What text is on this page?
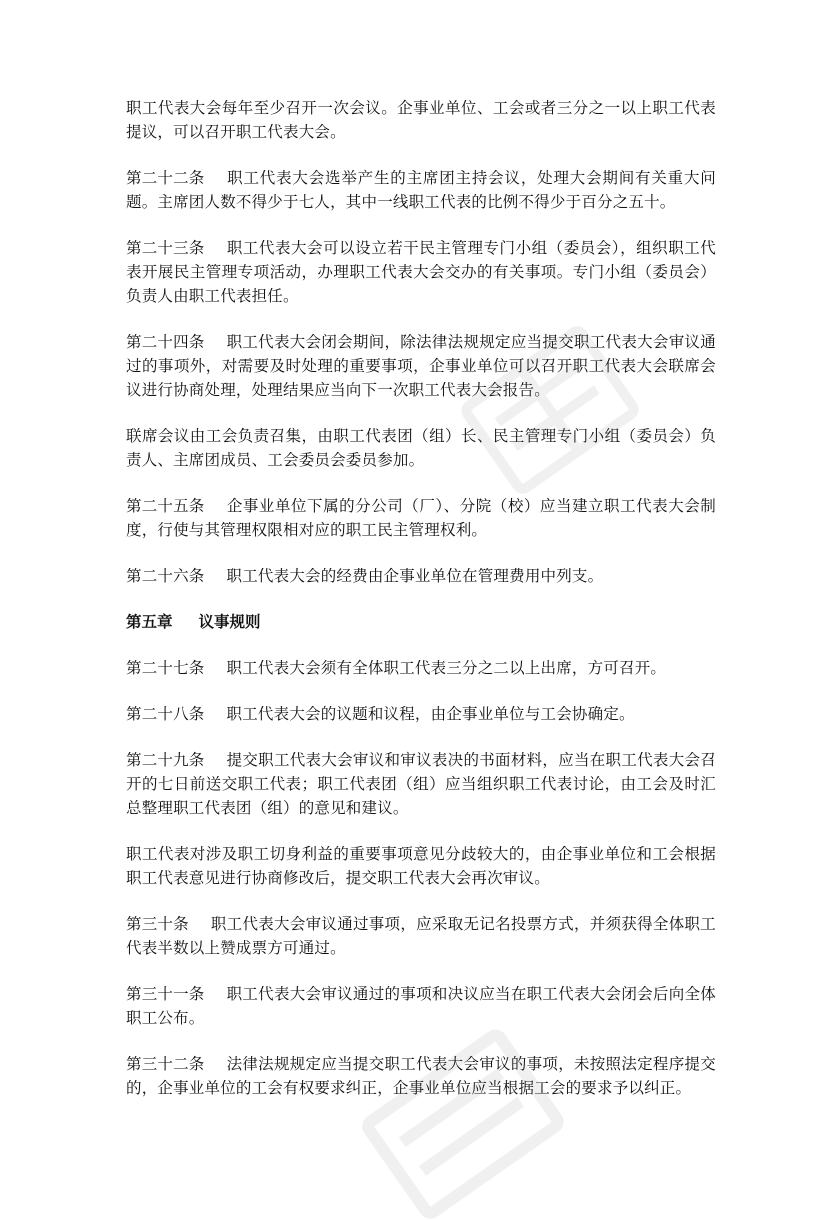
职工代表大会每年至少召开一次会议。企事业单位、工会或者三分之一以上职工代表提议，可以召开职工代表大会。

第二十二条 职工代表大会选举产生的主席团主持会议，处理大会期间有关重大问题。主席团人数不得少于七人，其中一线职工代表的比例不得少于百分之五十。

第二十三条 职工代表大会可以设立若干民主管理专门小组（委员会），组织职工代表开展民主管理专项活动，办理职工代表大会交办的有关事项。专门小组（委员会）负责人由职工代表担任。

第二十四条 职工代表大会闭会期间，除法律法规规定应当提交职工代表大会审议通过的事项外，对需要及时处理的重要事项，企事业单位可以召开职工代表大会联席会议进行协商处理，处理结果应当向下一次职工代表大会报告。

联席会议由工会负责召集，由职工代表团（组）长、民主管理专门小组（委员会）负责人、主席团成员、工会委员会委员参加。

第二十五条 企事业单位下属的分公司（厂）、分院（校）应当建立职工代表大会制度，行使与其管理权限相对应的职工民主管理权利。

第二十六条 职工代表大会的经费由企事业单位在管理费用中列支。

第五章 议事规则

第二十七条 职工代表大会须有全体职工代表三分之二以上出席，方可召开。

第二十八条 职工代表大会的议题和议程，由企事业单位与工会协确定。

第二十九条 提交职工代表大会审议和审议表决的书面材料，应当在职工代表大会召开的七日前送交职工代表；职工代表团（组）应当组织职工代表讨论，由工会及时汇总整理职工代表团（组）的意见和建议。

职工代表对涉及职工切身利益的重要事项意见分歧较大的，由企事业单位和工会根据职工代表意见进行协商修改后，提交职工代表大会再次审议。

第三十条 职工代表大会审议通过事项，应采取无记名投票方式，并须获得全体职工代表半数以上赞成票方可通过。

第三十一条 职工代表大会审议通过的事项和决议应当在职工代表大会闭会后向全体职工公布。

第三十二条 法律法规规定应当提交职工代表大会审议的事项，未按照法定程序提交的，企事业单位的工会有权要求纠正，企事业单位应当根据工会的要求予以纠正。
